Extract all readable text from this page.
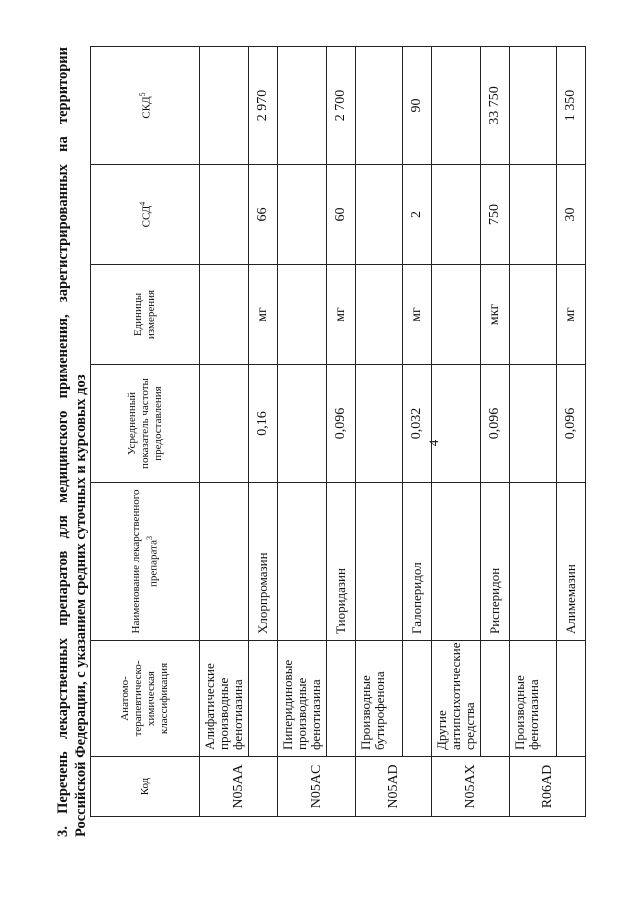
4
3. Перечень лекарственных препаратов для медицинского применения, зарегистрированных на территории Российской Федерации, с указанием средних суточных и курсовых доз	Код	Анатомо-терапевтическо-химическая классификация	Наименование лекарственного препарата$^3$	Усредненный показатель частоты предоставления	Единицы измерения	ССД$^4$	СКД$^5$
N05AA	Алифатические производные фенотиазина					
		Хлорпромазин	0,16	мг	66	2 970
N05AC	Пиперидиновые производные фенотиазина					
		Тиоридазин	0,096	мг	60	2 700
N05AD	Производные бутирофенона					
		Галоперидол	0,032	мг	2	90
N05AX	Другие антипсихотические средства					
		Рисперидон	0,096	мкг	750	33 750
R06AD	Производные фенотиазина					
		Алимемазин	0,096	мг	30	1 350
